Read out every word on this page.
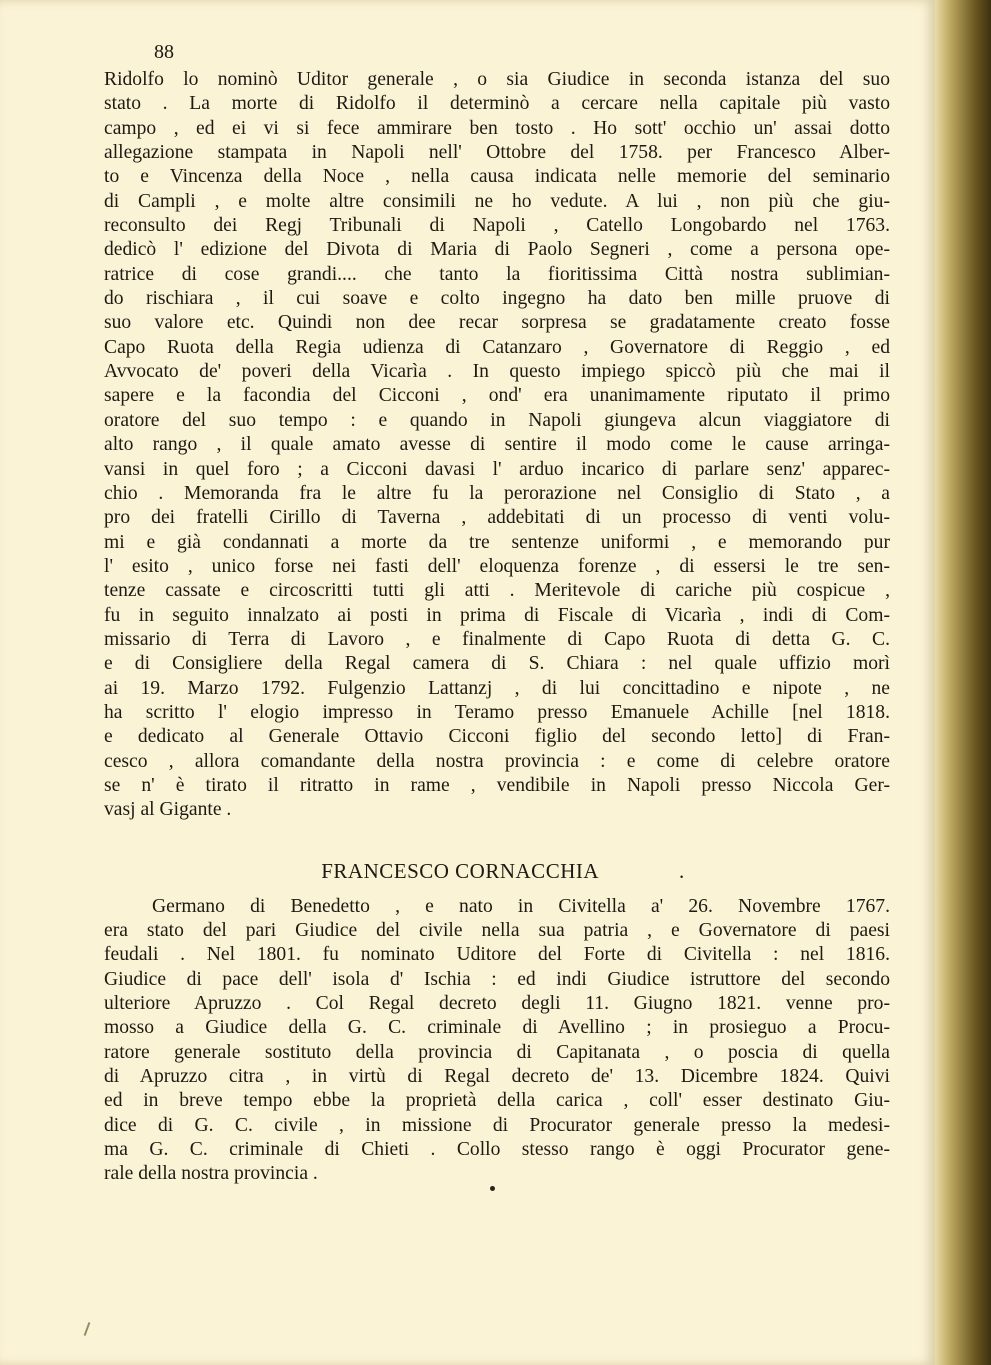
88
Ridolfo lo nominò Uditor generale , o sia Giudice in seconda istanza del suo
stato . La morte di Ridolfo il determinò a cercare nella capitale più vasto
campo , ed ei vi si fece ammirare ben tosto . Ho sott' occhio un' assai dotto
allegazione stampata in Napoli nell' Ottobre del 1758. per Francesco Alber-
to e Vincenza della Noce , nella causa indicata nelle memorie del seminario
di Campli , e molte altre consimili ne ho vedute. A lui , non più che giu-
reconsulto dei Regj Tribunali di Napoli , Catello Longobardo nel 1763.
dedicò l' edizione del Divota di Maria di Paolo Segneri , come a persona ope-
ratrice di cose grandi.... che tanto la fioritissima Città nostra sublimian-
do rischiara , il cui soave e colto ingegno ha dato ben mille pruove di
suo valore etc. Quindi non dee recar sorpresa se gradatamente creato fosse
Capo Ruota della Regia udienza di Catanzaro , Governatore di Reggio , ed
Avvocato de' poveri della Vicarìa . In questo impiego spiccò più che mai il
sapere e la facondia del Cicconi , ond' era unanimamente riputato il primo
oratore del suo tempo : e quando in Napoli giungeva alcun viaggiatore di
alto rango , il quale amato avesse di sentire il modo come le cause arringa-
vansi in quel foro ; a Cicconi davasi l' arduo incarico di parlare senz' apparec-
chio . Memoranda fra le altre fu la perorazione nel Consiglio di Stato , a
pro dei fratelli Cirillo di Taverna , addebitati di un processo di venti volu-
mi e già condannati a morte da tre sentenze uniformi , e memorando pur
l' esito , unico forse nei fasti dell' eloquenza forenze , di essersi le tre sen-
tenze cassate e circoscritti tutti gli atti . Meritevole di cariche più cospicue ,
fu in seguito innalzato ai posti in prima di Fiscale di Vicarìa , indi di Com-
missario di Terra di Lavoro , e finalmente di Capo Ruota di detta G. C.
e di Consigliere della Regal camera di S. Chiara : nel quale uffizio morì
ai 19. Marzo 1792. Fulgenzio Lattanzj , di lui concittadino e nipote , ne
ha scritto l' elogio impresso in Teramo presso Emanuele Achille [nel 1818.
e dedicato al Generale Ottavio Cicconi figlio del secondo letto] di Fran-
cesco , allora comandante della nostra provincia : e come di celebre oratore
se n' è tirato il ritratto in rame , vendibile in Napoli presso Niccola Ger-
vasj al Gigante .
FRANCESCO CORNACCHIA	.
Germano di Benedetto , e nato in Civitella a' 26. Novembre 1767.
era stato del pari Giudice del civile nella sua patria , e Governatore di paesi
feudali . Nel 1801. fu nominato Uditore del Forte di Civitella : nel 1816.
Giudice di pace dell' isola d' Ischia : ed indi Giudice istruttore del secondo
ulteriore Apruzzo . Col Regal decreto degli 11. Giugno 1821. venne pro-
mosso a Giudice della G. C. criminale di Avellino ; in prosieguo a Procu-
ratore generale sostituto della provincia di Capitanata , o poscia di quella
di Apruzzo citra , in virtù di Regal decreto de' 13. Dicembre 1824. Quivi
ed in breve tempo ebbe la proprietà della carica , coll' esser destinato Giu-
dice di G. C. civile , in missione di Procurator generale presso la medesi-
ma G. C. criminale di Chieti . Collo stesso rango è oggi Procurator gene-
rale della nostra provincia .
